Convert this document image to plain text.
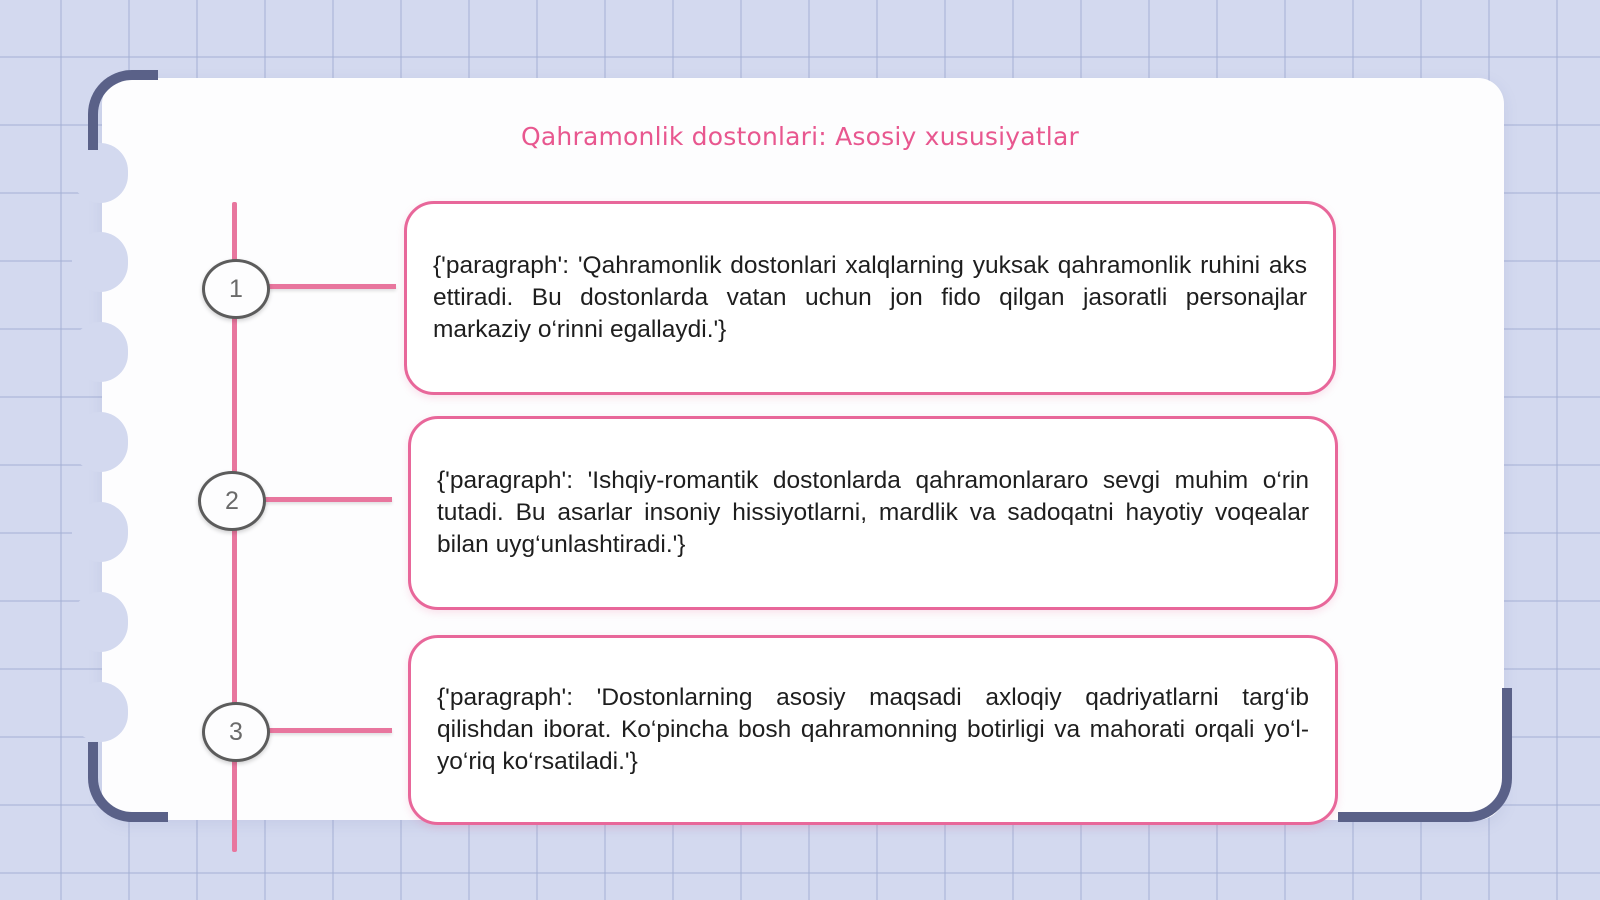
Qahramonlik dostonlari: Asosiy xususiyatlar
1

{'paragraph': 'Qahramonlik dostonlari xalqlarning yuksak qahramonlik ruhini aks ettiradi. Bu dostonlarda vatan uchun jon fido qilgan jasoratli personajlar markaziy o‘rinni egallaydi.'}

2

{'paragraph': 'Ishqiy-romantik dostonlarda qahramonlararo sevgi muhim o‘rin tutadi. Bu asarlar insoniy hissiyotlarni, mardlik va sadoqatni hayotiy voqealar bilan uyg‘unlashtiradi.'}

3

{'paragraph': 'Dostonlarning asosiy maqsadi axloqiy qadriyatlarni targ‘ib qilishdan iborat. Ko‘pincha bosh qahramonning botirligi va mahorati orqali yo‘l-yo‘riq ko‘rsatiladi.'}
